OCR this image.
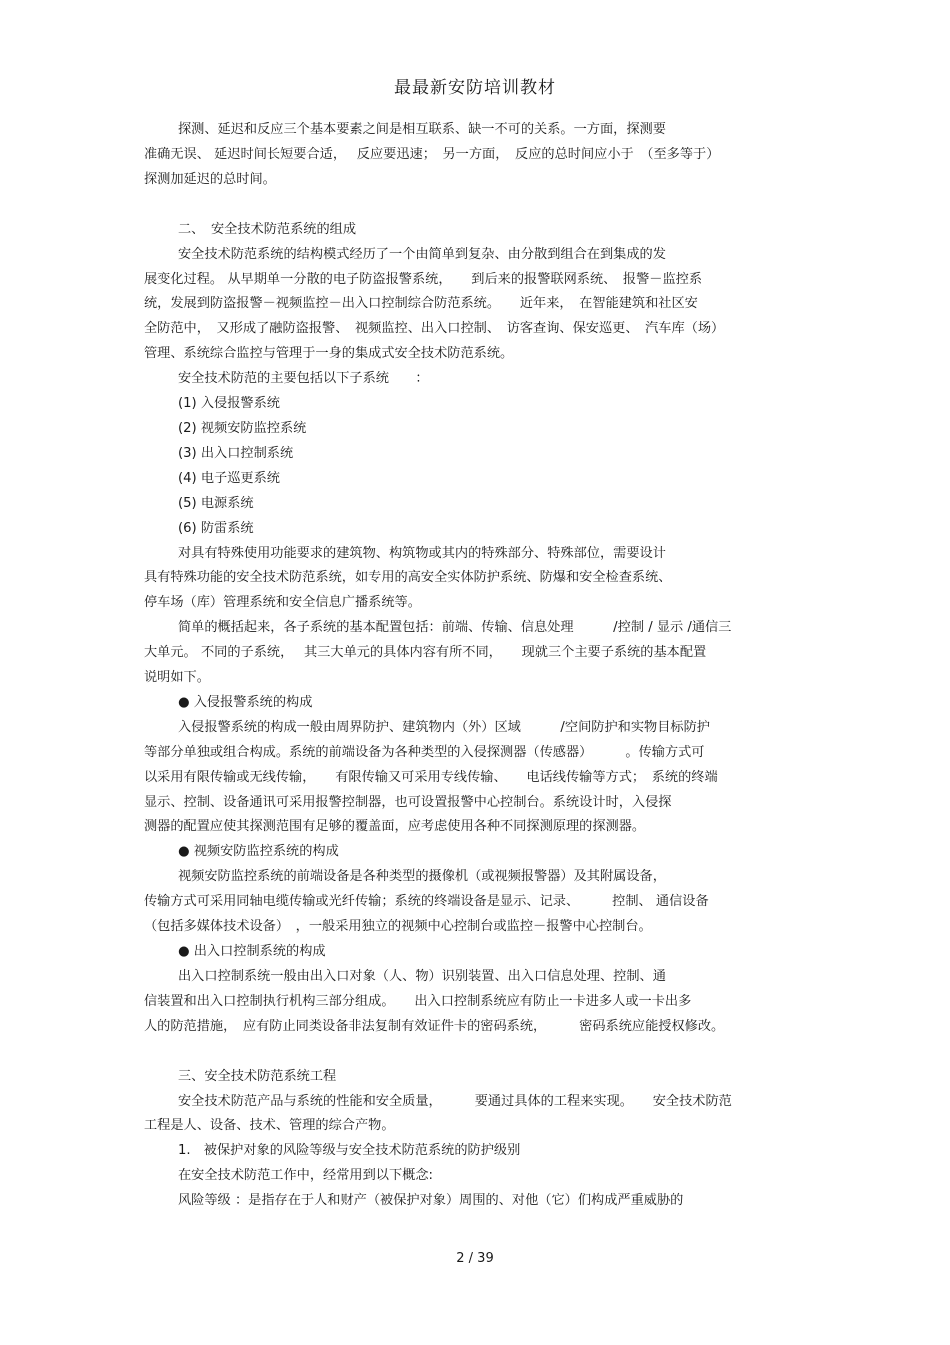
最最新安防培训教材

探测、延迟和反应三个基本要素之间是相互联系、缺一不可的关系。一方面，探测要

准确无误、 延迟时间长短要合适，　 反应要迅速；　另一方面，　反应的总时间应小于　（至多等于）

探测加延迟的总时间。

二、　安全技术防范系统的组成

安全技术防范系统的结构模式经历了一个由简单到复杂、由分散到组合在到集成的发

展变化过程。 从早期单一分散的电子防盗报警系统，　　到后来的报警联网系统、　报警－监控系

统，发展到防盗报警－视频监控－出入口控制综合防范系统。　　近年来，　在智能建筑和社区安

全防范中，　又形成了融防盗报警、　视频监控、出入口控制、　访客查询、保安巡更、　汽车库（场）

管理、系统综合监控与管理于一身的集成式安全技术防范系统。

安全技术防范的主要包括以下子系统　　：

(1) 入侵报警系统

(2) 视频安防监控系统

(3) 出入口控制系统

(4) 电子巡更系统

(5) 电源系统

(6) 防雷系统

对具有特殊使用功能要求的建筑物、构筑物或其内的特殊部分、特殊部位，需要设计

具有特殊功能的安全技术防范系统，如专用的高安全实体防护系统、防爆和安全检查系统、

停车场（库）管理系统和安全信息广播系统等。

简单的概括起来，各子系统的基本配置包括：前端、传输、信息处理　　　/控制 / 显示 /通信三

大单元。 不同的子系统，　 其三大单元的具体内容有所不同，　　现就三个主要子系统的基本配置

说明如下。

● 入侵报警系统的构成

入侵报警系统的构成一般由周界防护、建筑物内（外）区域　　　/空间防护和实物目标防护

等部分单独或组合构成。系统的前端设备为各种类型的入侵探测器（传感器）　　　。传输方式可

以采用有限传输或无线传输，　　有限传输又可采用专线传输、　　电话线传输等方式；　系统的终端

显示、控制、设备通讯可采用报警控制器，也可设置报警中心控制台。系统设计时，入侵探

测器的配置应使其探测范围有足够的覆盖面，应考虑使用各种不同探测原理的探测器。

● 视频安防监控系统的构成

视频安防监控系统的前端设备是各种类型的摄像机（或视频报警器）及其附属设备，

传输方式可采用同轴电缆传输或光纤传输；系统的终端设备是显示、记录、　　　控制、 通信设备

（包括多媒体技术设备）　，一般采用独立的视频中心控制台或监控－报警中心控制台。

● 出入口控制系统的构成

出入口控制系统一般由出入口对象（人、物）识别装置、出入口信息处理、控制、通

信装置和出入口控制执行机构三部分组成。　　出入口控制系统应有防止一卡进多人或一卡出多

人的防范措施，　应有防止同类设备非法复制有效证件卡的密码系统，　　　密码系统应能授权修改。

三、安全技术防范系统工程

安全技术防范产品与系统的性能和安全质量，　　　要通过具体的工程来实现。　　安全技术防范

工程是人、设备、技术、管理的综合产物。

1.　被保护对象的风险等级与安全技术防范系统的防护级别

在安全技术防范工作中，经常用到以下概念:

风险等级 ：是指存在于人和财产（被保护对象）周围的、对他（它）们构成严重威胁的

2 / 39
